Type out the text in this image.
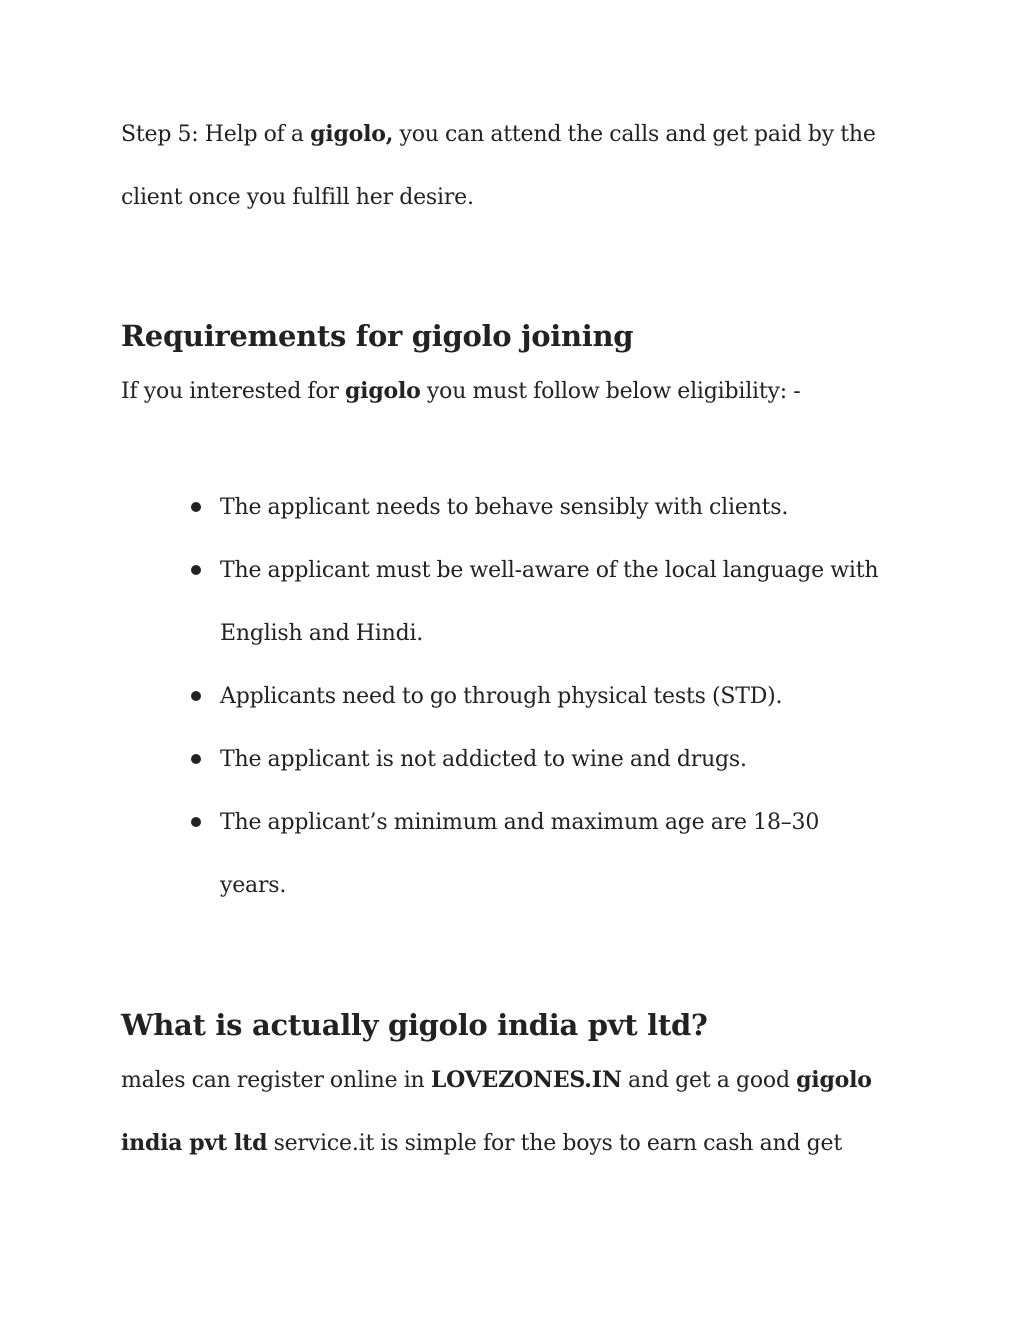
Step 5: Help of a gigolo, you can attend the calls and get paid by the client once you fulfill her desire.

Requirements for gigolo joining

If you interested for gigolo you must follow below eligibility: -

The applicant needs to behave sensibly with clients.
The applicant must be well-aware of the local language with English and Hindi.
Applicants need to go through physical tests (STD).
The applicant is not addicted to wine and drugs.
The applicant’s minimum and maximum age are 18–30 years.
What is actually gigolo india pvt ltd?

males can register online in LOVEZONES.IN and get a good gigolo india pvt ltd service.it is simple for the boys to earn cash and get
